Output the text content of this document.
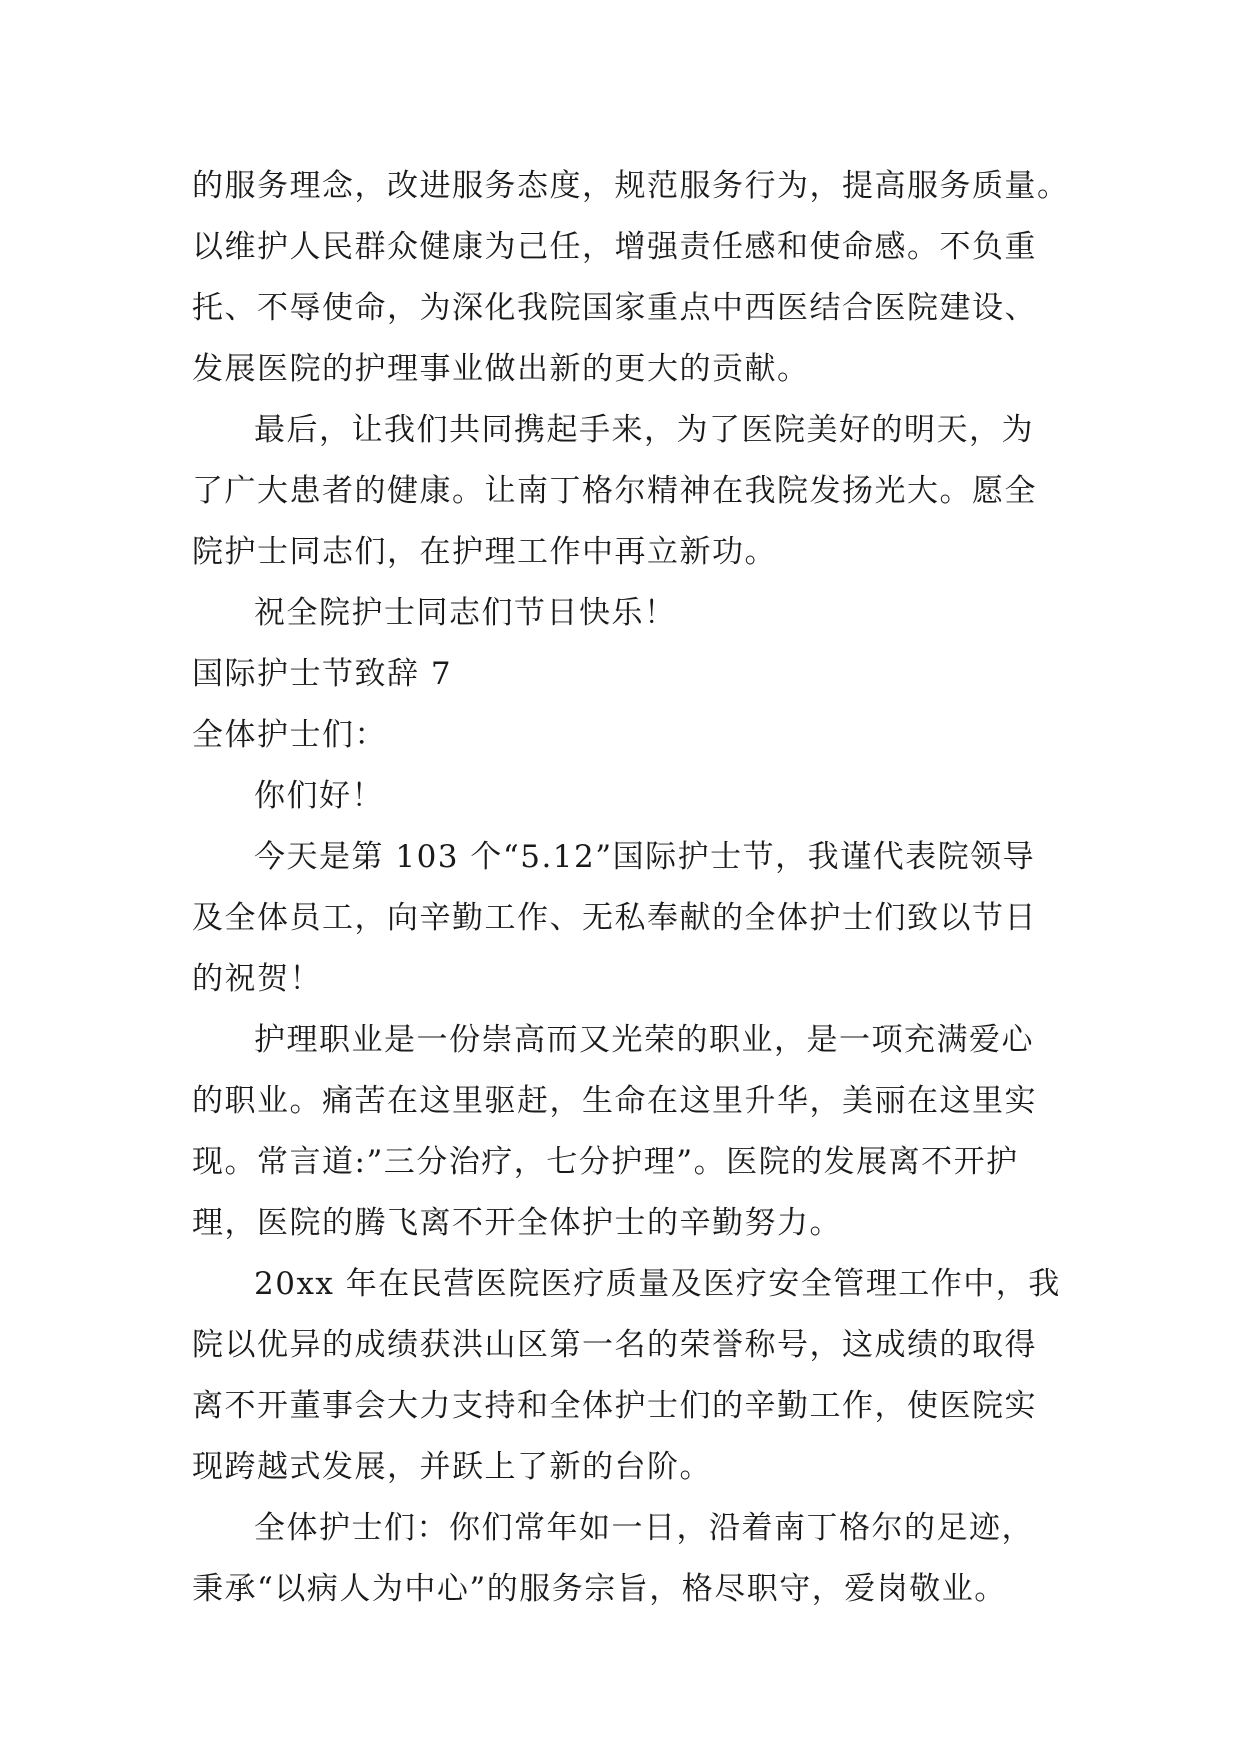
的服务理念，改进服务态度，规范服务行为，提高服务质量。
以维护人民群众健康为己任，增强责任感和使命感。不负重
托、不辱使命，为深化我院国家重点中西医结合医院建设、
发展医院的护理事业做出新的更大的贡献。
最后，让我们共同携起手来，为了医院美好的明天，为
了广大患者的健康。让南丁格尔精神在我院发扬光大。愿全
院护士同志们，在护理工作中再立新功。
祝全院护士同志们节日快乐！
国际护士节致辞 7
全体护士们：
你们好！
今天是第 103 个“5.12”国际护士节，我谨代表院领导
及全体员工，向辛勤工作、无私奉献的全体护士们致以节日
的祝贺！
护理职业是一份崇高而又光荣的职业，是一项充满爱心
的职业。痛苦在这里驱赶，生命在这里升华，美丽在这里实
现。常言道:”三分治疗，七分护理”。医院的发展离不开护
理，医院的腾飞离不开全体护士的辛勤努力。
20xx 年在民营医院医疗质量及医疗安全管理工作中，我
院以优异的成绩获洪山区第一名的荣誉称号，这成绩的取得
离不开董事会大力支持和全体护士们的辛勤工作，使医院实
现跨越式发展，并跃上了新的台阶。
全体护士们：你们常年如一日，沿着南丁格尔的足迹，
秉承“以病人为中心”的服务宗旨，格尽职守，爱岗敬业。
